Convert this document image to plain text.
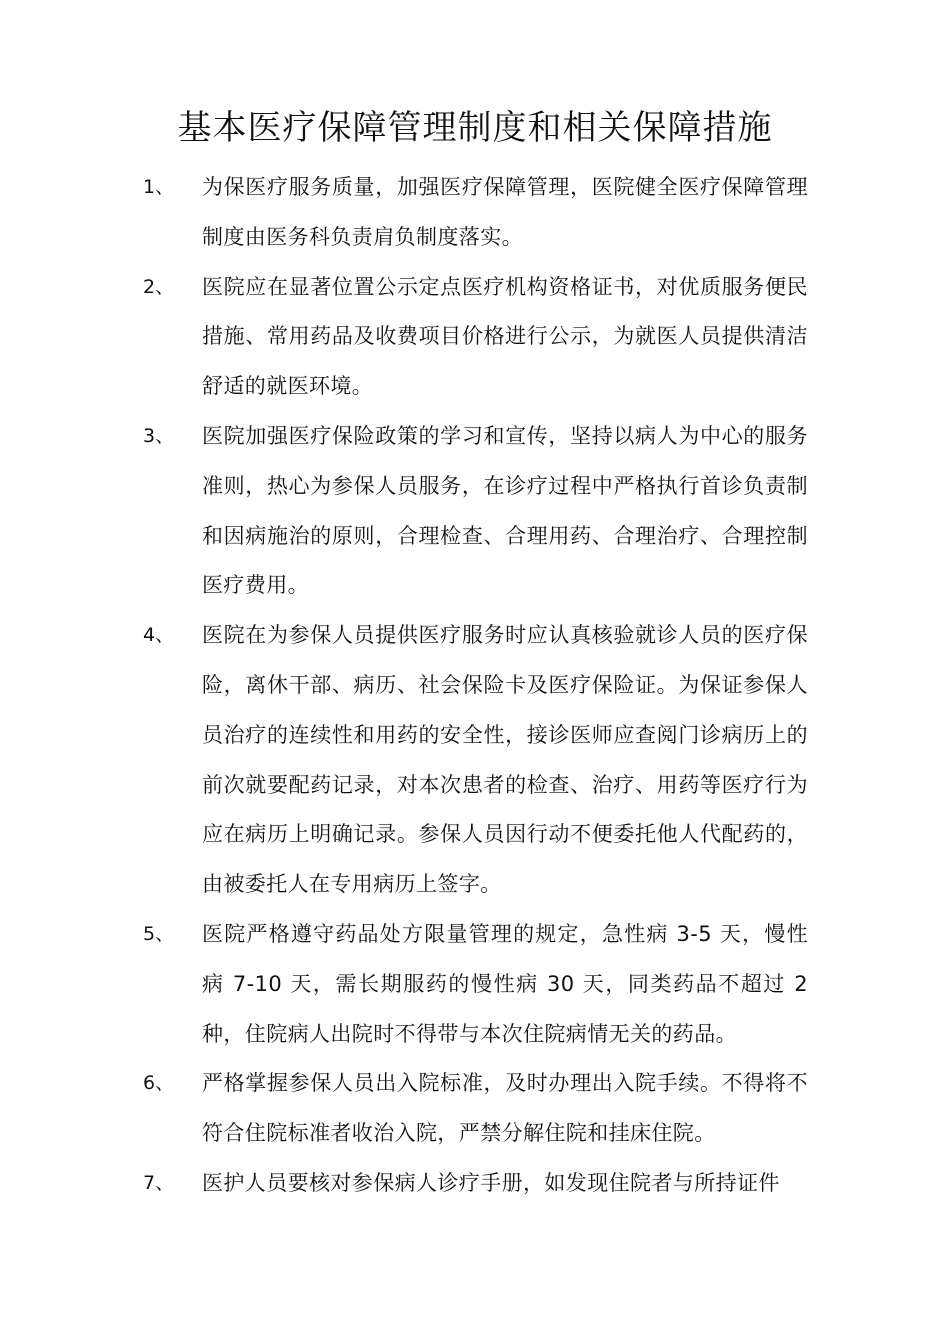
基本医疗保障管理制度和相关保障措施
1、 为保医疗服务质量，加强医疗保障管理，医院健全医疗保障管理制度由医务科负责肩负制度落实。
2、 医院应在显著位置公示定点医疗机构资格证书，对优质服务便民措施、常用药品及收费项目价格进行公示，为就医人员提供清洁舒适的就医环境。
3、 医院加强医疗保险政策的学习和宣传，坚持以病人为中心的服务准则，热心为参保人员服务，在诊疗过程中严格执行首诊负责制和因病施治的原则，合理检查、合理用药、合理治疗、合理控制医疗费用。
4、 医院在为参保人员提供医疗服务时应认真核验就诊人员的医疗保险，离休干部、病历、社会保险卡及医疗保险证。为保证参保人员治疗的连续性和用药的安全性，接诊医师应查阅门诊病历上的前次就要配药记录，对本次患者的检查、治疗、用药等医疗行为应在病历上明确记录。参保人员因行动不便委托他人代配药的，由被委托人在专用病历上签字。
5、 医院严格遵守药品处方限量管理的规定，急性病 3-5 天，慢性病 7-10 天，需长期服药的慢性病 30 天，同类药品不超过 2 种，住院病人出院时不得带与本次住院病情无关的药品。
6、 严格掌握参保人员出入院标准，及时办理出入院手续。不得将不符合住院标准者收治入院，严禁分解住院和挂床住院。
7、 医护人员要核对参保病人诊疗手册，如发现住院者与所持证件
